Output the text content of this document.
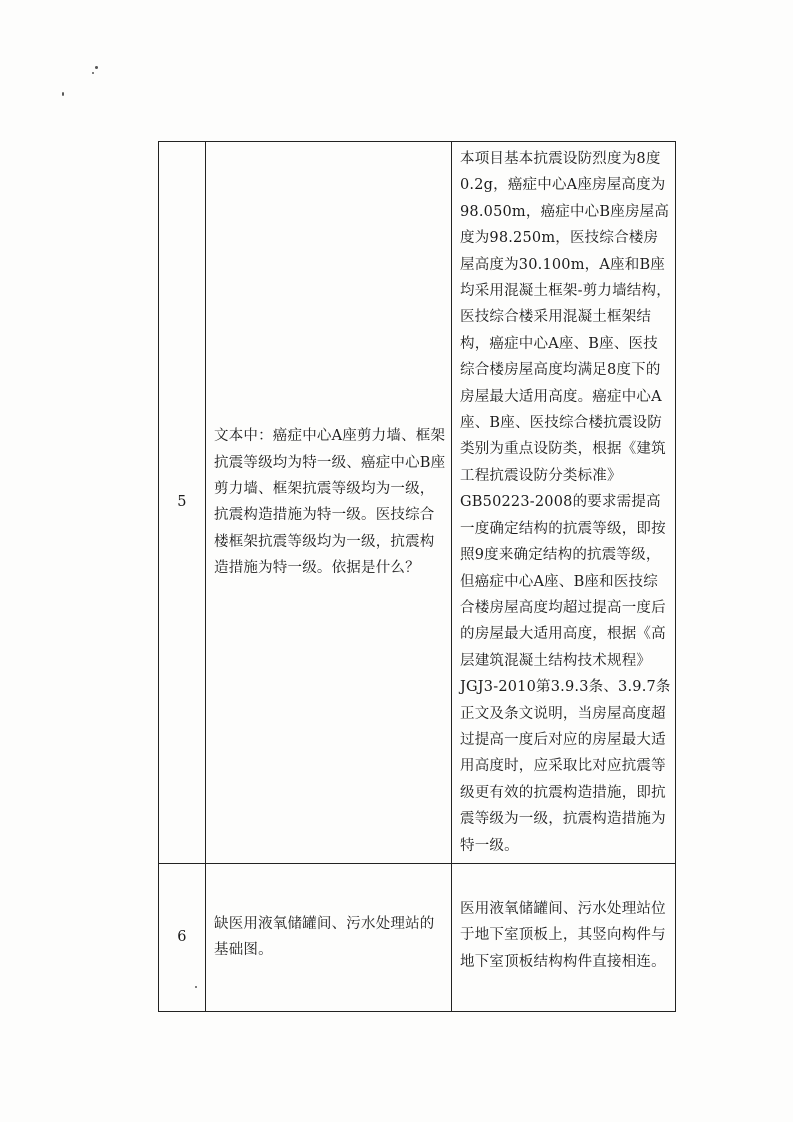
5	文本中：癌症中心A座剪力墙、框架抗震等级均为特一级、癌症中心B座剪力墙、框架抗震等级均为一级，抗震构造措施为特一级。医技综合楼框架抗震等级均为一级，抗震构造措施为特一级。依据是什么？	本项目基本抗震设防烈度为8度0.2g，癌症中心A座房屋高度为98.050m，癌症中心B座房屋高度为98.250m，医技综合楼房屋高度为30.100m，A座和B座均采用混凝土框架-剪力墙结构，医技综合楼采用混凝土框架结构，癌症中心A座、B座、医技综合楼房屋高度均满足8度下的房屋最大适用高度。癌症中心A座、B座、医技综合楼抗震设防类别为重点设防类，根据《建筑工程抗震设防分类标准》GB50223-2008的要求需提高一度确定结构的抗震等级，即按照9度来确定结构的抗震等级，但癌症中心A座、B座和医技综合楼房屋高度均超过提高一度后的房屋最大适用高度，根据《高层建筑混凝土结构技术规程》JGJ3-2010第3.9.3条、3.9.7条正文及条文说明，当房屋高度超过提高一度后对应的房屋最大适用高度时，应采取比对应抗震等级更有效的抗震构造措施，即抗震等级为一级，抗震构造措施为特一级。
6	缺医用液氧储罐间、污水处理站的基础图。	医用液氧储罐间、污水处理站位于地下室顶板上，其竖向构件与地下室顶板结构构件直接相连。
